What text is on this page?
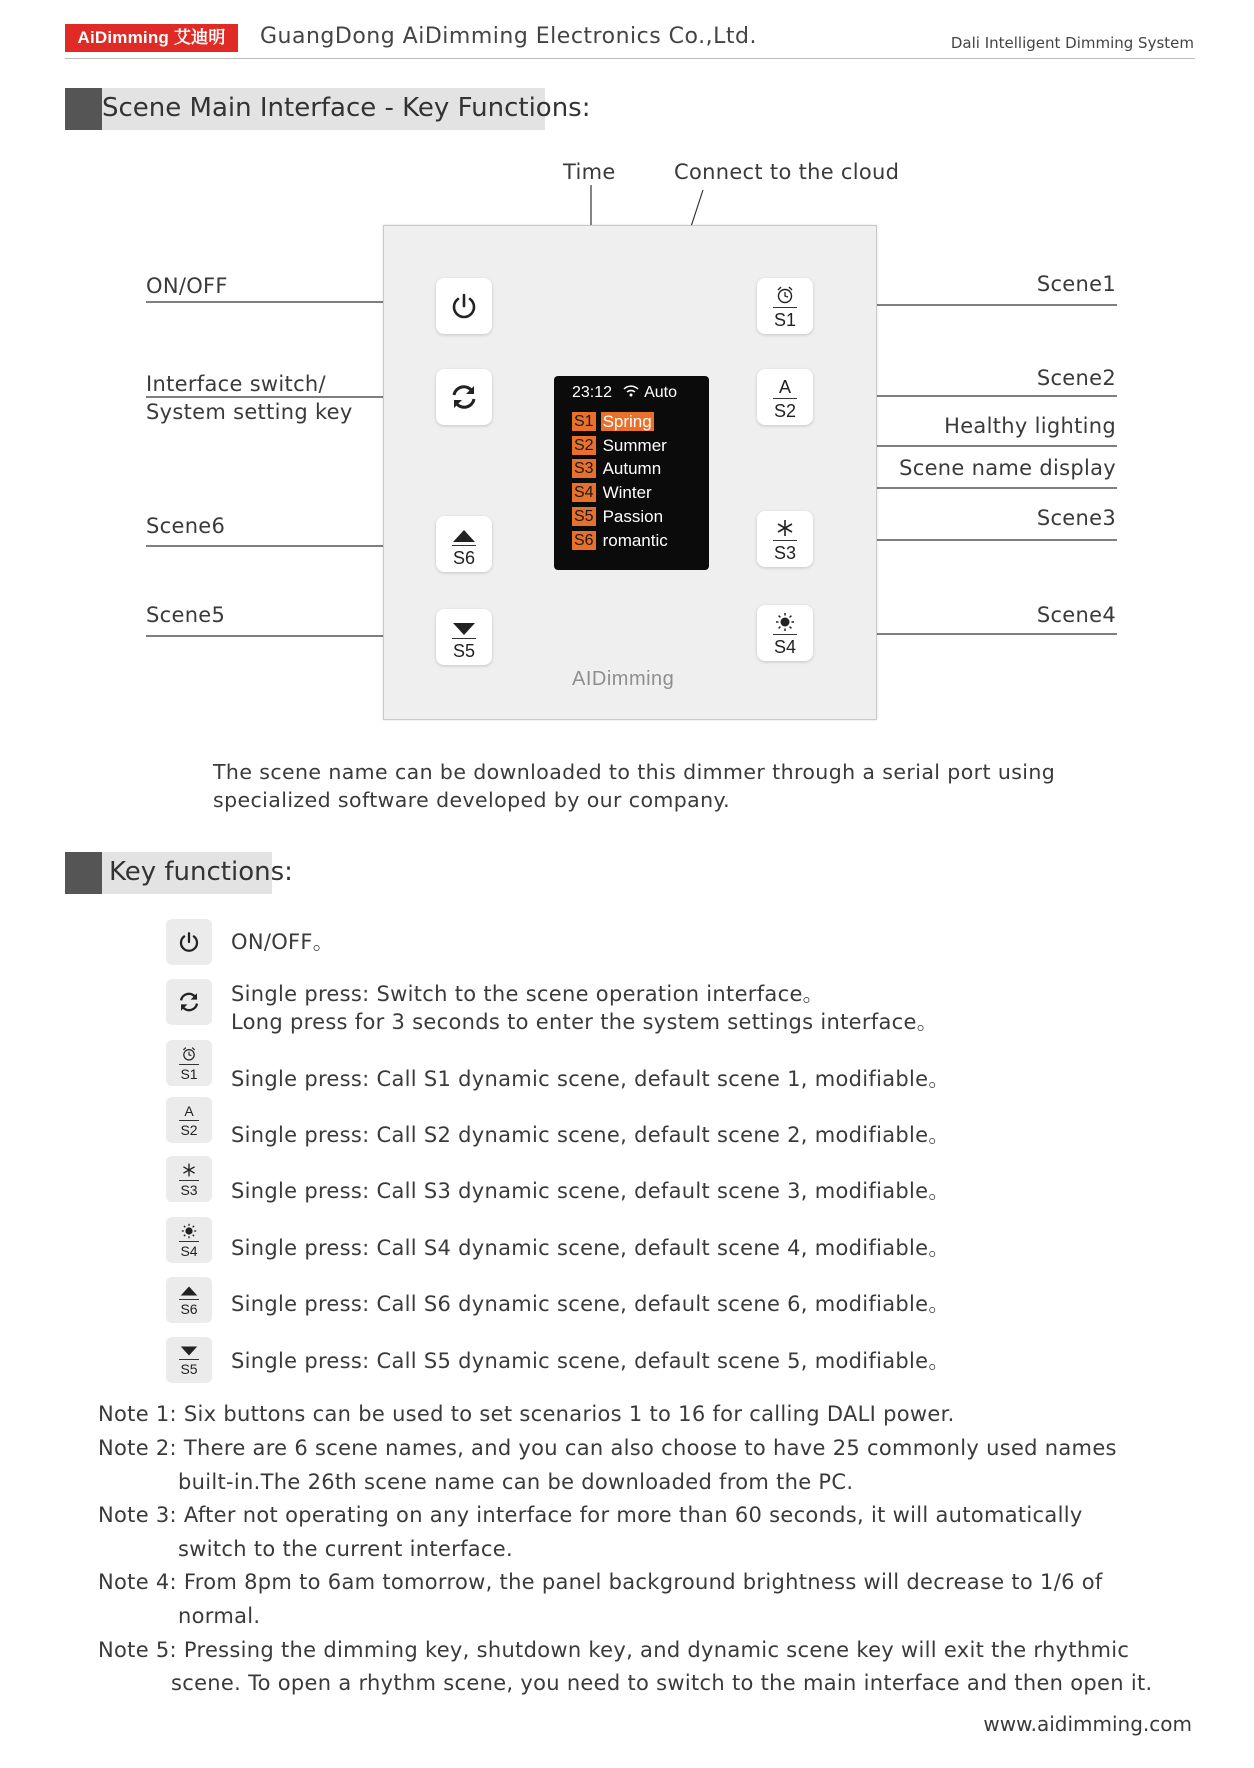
AiDimming 艾迪明	GuangDong AiDimming Electronics Co.,Ltd.	Dali Intelligent Dimming System
Scene Main Interface - Key Functions:
Time	Connect to the cloud
ON/OFF
Interface switch/
System setting key
Scene6
Scene5
Scene1
Scene2
Healthy lighting
Scene name display
Scene3
Scene4
S6
S5
S1
A
S2
S3
S4
23:12 Auto
S1 Spring
S2 Summer
S3 Autumn
S4 Winter
S5 Passion
S6 romantic
AIDimming
The scene name can be downloaded to this dimmer through a serial port using
specialized software developed by our company.
Key functions:
ON/OFF。
Single press: Switch to the scene operation interface。
Long press for 3 seconds to enter the system settings interface。
S1 Single press: Call S1 dynamic scene, default scene 1, modifiable。
A
S2 Single press: Call S2 dynamic scene, default scene 2, modifiable。
S3 Single press: Call S3 dynamic scene, default scene 3, modifiable。
S4 Single press: Call S4 dynamic scene, default scene 4, modifiable。
S6 Single press: Call S6 dynamic scene, default scene 6, modifiable。
S5 Single press: Call S5 dynamic scene, default scene 5, modifiable。
Note 1: Six buttons can be used to set scenarios 1 to 16 for calling DALI power.
Note 2: There are 6 scene names, and you can also choose to have 25 commonly used names
built-in.The 26th scene name can be downloaded from the PC.
Note 3: After not operating on any interface for more than 60 seconds, it will automatically
switch to the current interface.
Note 4: From 8pm to 6am tomorrow, the panel background brightness will decrease to 1/6 of
normal.
Note 5: Pressing the dimming key, shutdown key, and dynamic scene key will exit the rhythmic
scene. To open a rhythm scene, you need to switch to the main interface and then open it.
www.aidimming.com
